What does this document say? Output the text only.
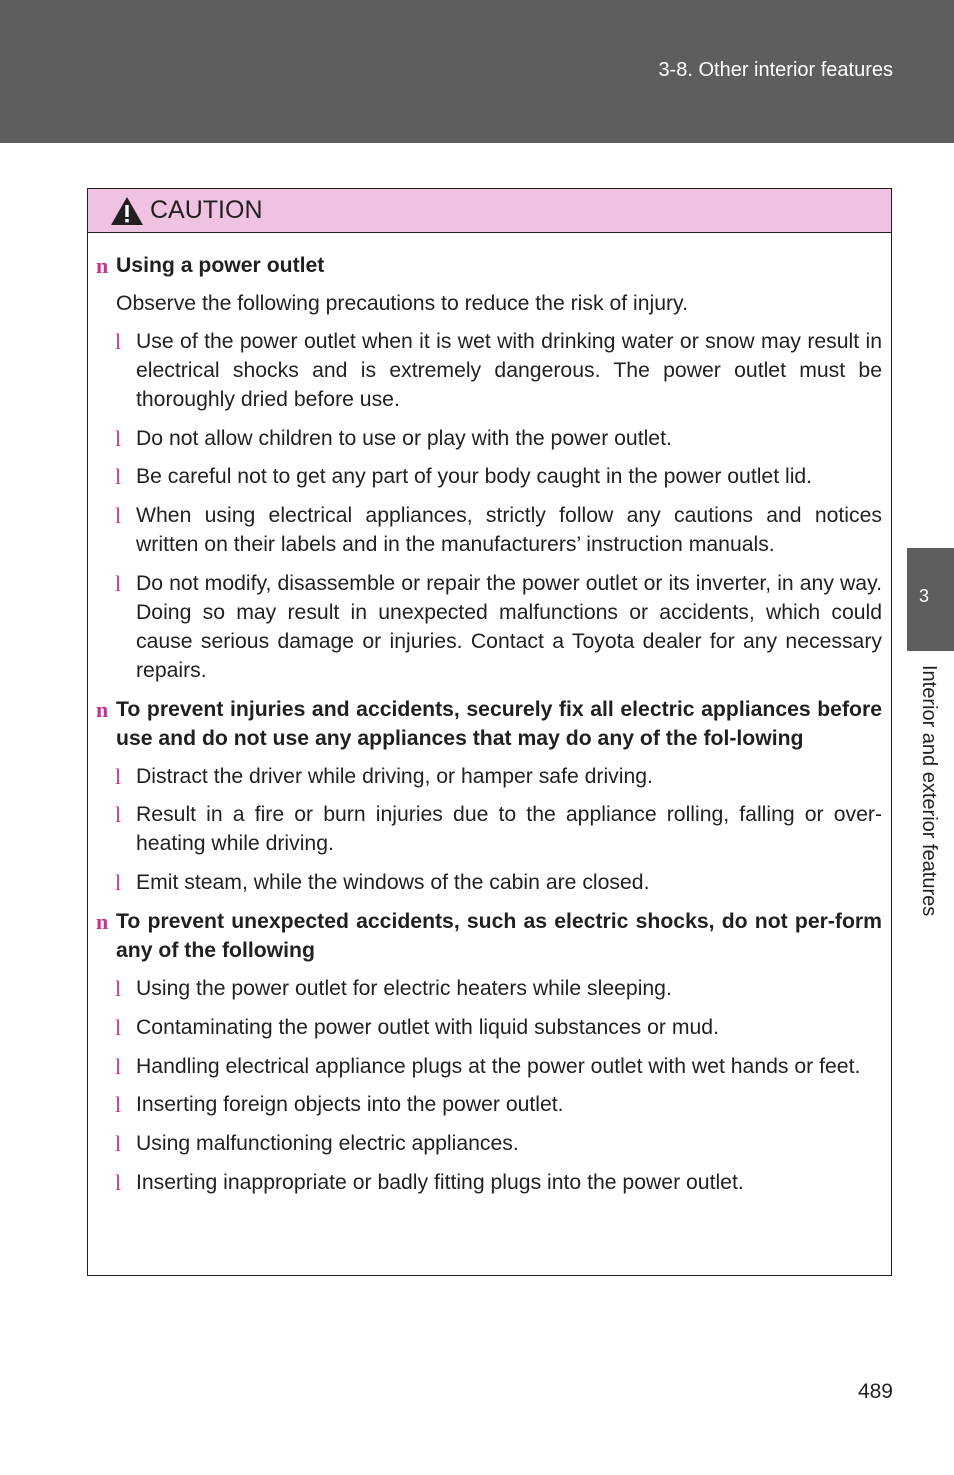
3-8. Other interior features
3
Interior and exterior features
CAUTION
n Using a power outlet
Observe the following precautions to reduce the risk of injury.
l Use of the power outlet when it is wet with drinking water or snow may result in electrical shocks and is extremely dangerous. The power outlet must be thoroughly dried before use.
l Do not allow children to use or play with the power outlet.
l Be careful not to get any part of your body caught in the power outlet lid.
l When using electrical appliances, strictly follow any cautions and notices written on their labels and in the manufacturers’ instruction manuals.
l Do not modify, disassemble or repair the power outlet or its inverter, in any way. Doing so may result in unexpected malfunctions or accidents, which could cause serious damage or injuries. Contact a Toyota dealer for any necessary repairs.
n To prevent injuries and accidents, securely fix all electric appliances before use and do not use any appliances that may do any of the fol-lowing
l Distract the driver while driving, or hamper safe driving.
l Result in a fire or burn injuries due to the appliance rolling, falling or over-heating while driving.
l Emit steam, while the windows of the cabin are closed.
n To prevent unexpected accidents, such as electric shocks, do not per-form any of the following
l Using the power outlet for electric heaters while sleeping.
l Contaminating the power outlet with liquid substances or mud.
l Handling electrical appliance plugs at the power outlet with wet hands or feet.
l Inserting foreign objects into the power outlet.
l Using malfunctioning electric appliances.
l Inserting inappropriate or badly fitting plugs into the power outlet.
489
